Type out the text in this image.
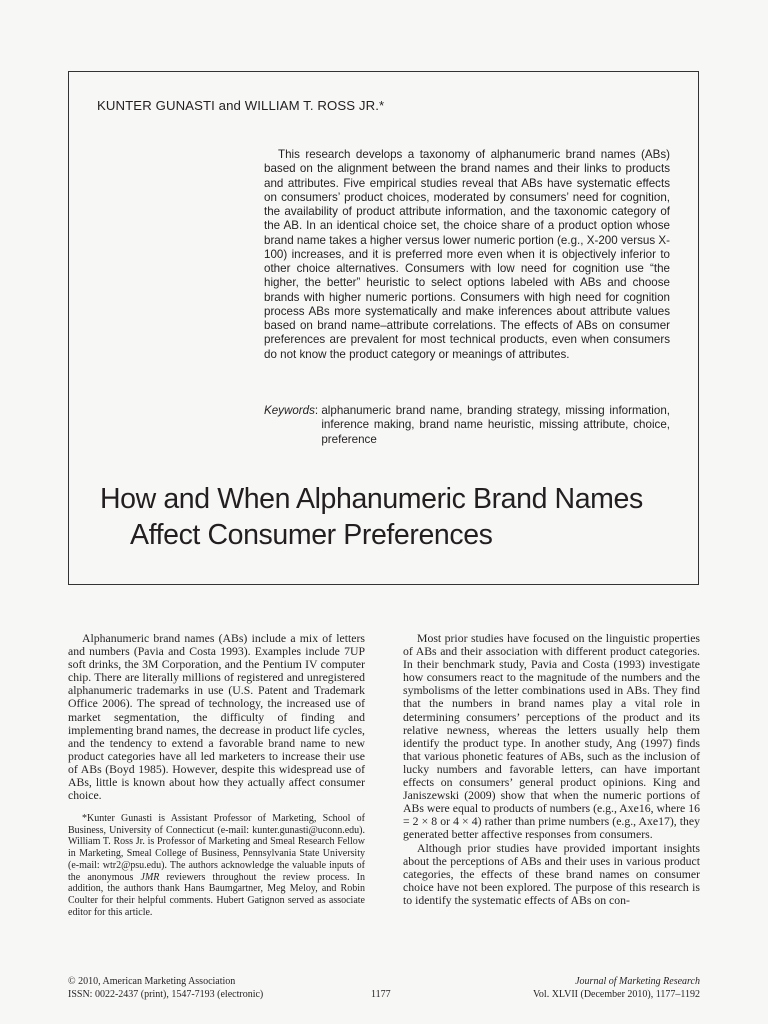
KUNTER GUNASTI and WILLIAM T. ROSS JR.*

This research develops a taxonomy of alphanumeric brand names (ABs) based on the alignment between the brand names and their links to products and attributes. Five empirical studies reveal that ABs have systematic effects on consumers’ product choices, moderated by consumers’ need for cognition, the availability of product attribute information, and the taxonomic category of the AB. In an identical choice set, the choice share of a product option whose brand name takes a higher versus lower numeric portion (e.g., X-200 versus X-100) increases, and it is preferred more even when it is objectively inferior to other choice alternatives. Consumers with low need for cognition use “the higher, the better” heuristic to select options labeled with ABs and choose brands with higher numeric portions. Consumers with high need for cognition process ABs more systematically and make inferences about attribute values based on brand name–attribute correlations. The effects of ABs on consumer preferences are prevalent for most technical products, even when consumers do not know the product category or meanings of attributes.

Keywords : alphanumeric brand name, branding strategy, missing information, inference making, brand name heuristic, missing attribute, choice, preference
How and When Alphanumeric Brand Names
Affect Consumer Preferences

Alphanumeric brand names (ABs) include a mix of letters and numbers (Pavia and Costa 1993). Examples include 7UP soft drinks, the 3M Corporation, and the Pentium IV computer chip. There are literally millions of registered and unregistered alphanumeric trademarks in use (U.S. Patent and Trademark Office 2006). The spread of technology, the increased use of market segmentation, the difficulty of finding and implementing brand names, the decrease in product life cycles, and the tendency to extend a favorable brand name to new product categories have all led marketers to increase their use of ABs (Boyd 1985). However, despite this widespread use of ABs, little is known about how they actually affect consumer choice.

*Kunter Gunasti is Assistant Professor of Marketing, School of Business, University of Connecticut (e-mail: kunter.gunasti@uconn.edu). William T. Ross Jr. is Professor of Marketing and Smeal Research Fellow in Marketing, Smeal College of Business, Pennsylvania State University (e-mail: wtr2@psu.edu). The authors acknowledge the valuable inputs of the anonymous JMR reviewers throughout the review process. In addition, the authors thank Hans Baumgartner, Meg Meloy, and Robin Coulter for their helpful comments. Hubert Gatignon served as associate editor for this article.

Most prior studies have focused on the linguistic properties of ABs and their association with different product categories. In their benchmark study, Pavia and Costa (1993) investigate how consumers react to the magnitude of the numbers and the symbolisms of the letter combinations used in ABs. They find that the numbers in brand names play a vital role in determining consumers’ perceptions of the product and its relative newness, whereas the letters usually help them identify the product type. In another study, Ang (1997) finds that various phonetic features of ABs, such as the inclusion of lucky numbers and favorable letters, can have important effects on consumers’ general product opinions. King and Janiszewski (2009) show that when the numeric portions of ABs were equal to products of numbers (e.g., Axe16, where 16 = 2 × 8 or 4 × 4) rather than prime numbers (e.g., Axe17), they generated better affective responses from consumers.

Although prior studies have provided important insights about the perceptions of ABs and their uses in various product categories, the effects of these brand names on consumer choice have not been explored. The purpose of this research is to identify the systematic effects of ABs on con-

© 2010, American Marketing Association
ISSN: 0022-2437 (print), 1547-7193 (electronic)	1177
Journal of Marketing Research
Vol. XLVII (December 2010), 1177–1192
